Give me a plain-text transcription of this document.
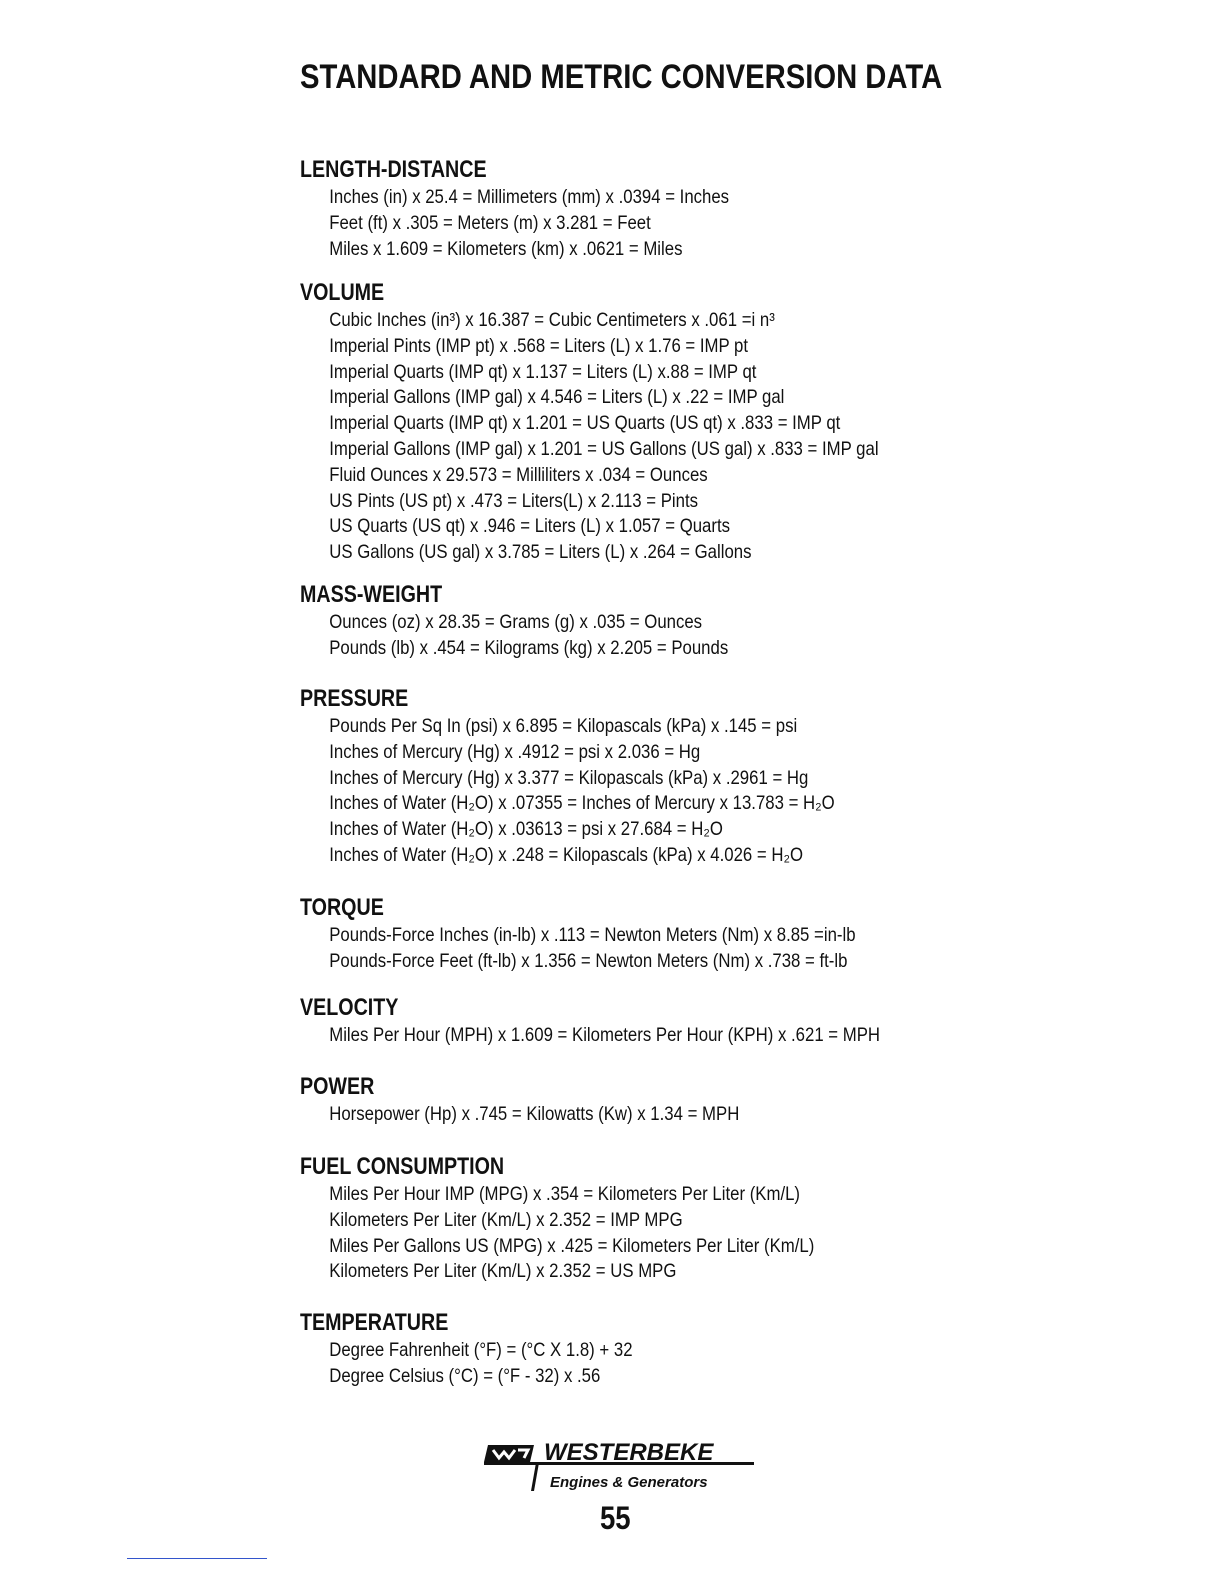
STANDARD AND METRIC CONVERSION DATA
LENGTH-DISTANCE
Inches (in) x 25.4 = Millimeters (mm) x .0394 = Inches
Feet (ft) x .305 = Meters (m) x 3.281 = Feet
Miles x 1.609 = Kilometers (km) x .0621 = Miles
VOLUME
Cubic Inches (in³) x 16.387 = Cubic Centimeters x .061 =i n³
Imperial Pints (IMP pt) x .568 = Liters (L) x 1.76 = IMP pt
Imperial Quarts (IMP qt) x 1.137 = Liters (L) x.88 = IMP qt
Imperial Gallons (IMP gal) x 4.546 = Liters (L) x .22 = IMP gal
Imperial Quarts (IMP qt) x 1.201 = US Quarts (US qt) x .833 = IMP qt
Imperial Gallons (IMP gal) x 1.201 = US Gallons (US gal) x .833 = IMP gal
Fluid Ounces x 29.573 = Milliliters x .034 = Ounces
US Pints (US pt) x .473 = Liters(L) x 2.113 = Pints
US Quarts (US qt) x .946 = Liters (L) x 1.057 = Quarts
US Gallons (US gal) x 3.785 = Liters (L) x .264 = Gallons
MASS-WEIGHT
Ounces (oz) x 28.35 = Grams (g) x .035 = Ounces
Pounds (lb) x .454 = Kilograms (kg) x 2.205 = Pounds
PRESSURE
Pounds Per Sq In (psi) x 6.895 = Kilopascals (kPa) x .145 = psi
Inches of Mercury (Hg) x .4912 = psi x 2.036 = Hg
Inches of Mercury (Hg) x 3.377 = Kilopascals (kPa) x .2961 = Hg
Inches of Water (H₂O) x .07355 = Inches of Mercury x 13.783 = H₂O
Inches of Water (H₂O) x .03613 = psi x 27.684 = H₂O
Inches of Water (H₂O) x .248 = Kilopascals (kPa) x 4.026 = H₂O
TORQUE
Pounds-Force Inches (in-lb) x .113 = Newton Meters (Nm) x 8.85 =in-lb
Pounds-Force Feet (ft-lb) x 1.356 = Newton Meters (Nm) x .738 = ft-lb
VELOCITY
Miles Per Hour (MPH) x 1.609 = Kilometers Per Hour (KPH) x .621 = MPH
POWER
Horsepower (Hp) x .745 = Kilowatts (Kw) x 1.34 = MPH
FUEL CONSUMPTION
Miles Per Hour IMP (MPG) x .354 = Kilometers Per Liter (Km/L)
Kilometers Per Liter (Km/L) x 2.352 = IMP MPG
Miles Per Gallons US (MPG) x .425 = Kilometers Per Liter (Km/L)
Kilometers Per Liter (Km/L) x 2.352 = US MPG
TEMPERATURE
Degree Fahrenheit (°F) = (°C X 1.8) + 32
Degree Celsius (°C) = (°F - 32) x .56
WESTERBEKE
Engines & Generators
55
